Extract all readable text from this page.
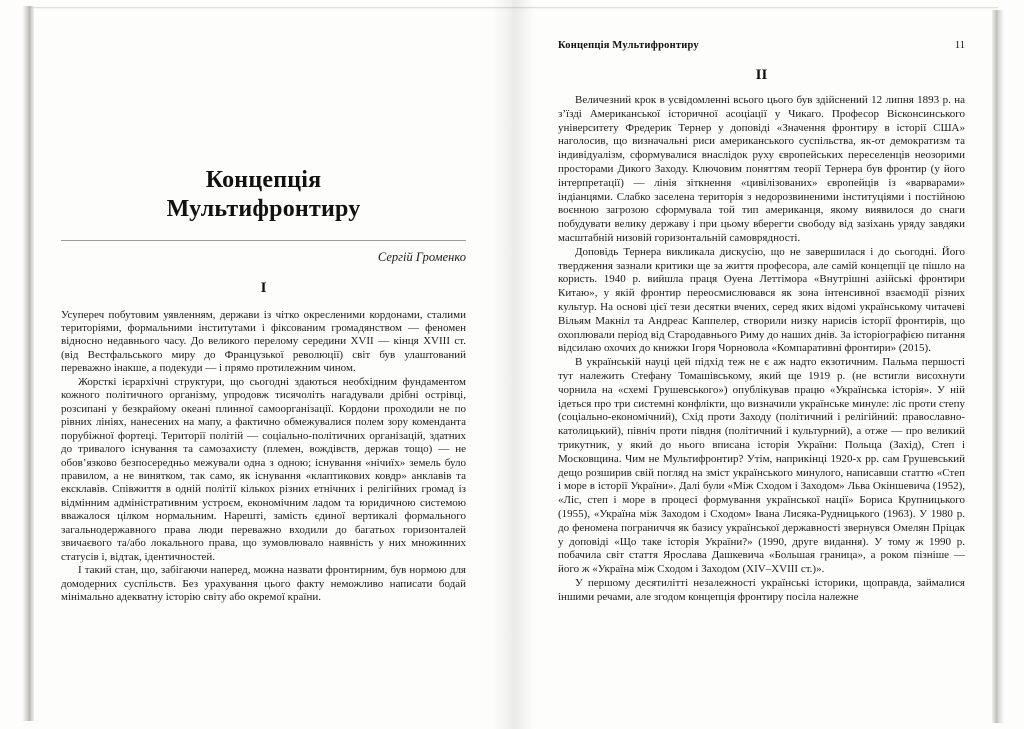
Концепція
Мультифронтиру
Сергій Громенко
I

Усупереч побутовим уявленням, держави із чітко окресленими кордонами, сталими територіями, формальними інститутами і фіксованим громадянством — феномен відносно недавнього часу. До великого перелому середини XVII — кінця XVIII ст. (від Вестфальського миру до Французької революції) світ був улаштований переважно інакше, а подекуди — і прямо протилежним чином.

Жорсткі ієрархічні структури, що сьогодні здаються необхідним фундаментом кожного політичного організму, упродовж тисячоліть нагадували дрібні острівці, розсипані у безкрайому океані плинної самоорганізації. Кордони проходили не по рівних лініях, нанесених на мапу, а фактично обмежувалися полем зору коменданта порубіжної фортеці. Території політій — соціально-політичних організацій, здатних до тривалого існування та самозахисту (племен, вождівств, держав тощо) — не обов’язково безпосередньо межували одна з одною; існування «нічиїх» земель було правилом, а не винятком, так само, як існування «клаптикових ковдр» анклавів та ексклавів. Співжиття в одній політії кількох різних етнічних і релігійних громад із відмінним адміністративним устроєм, економічним ладом та юридичною системою вважалося цілком нормальним. Нарешті, замість єдиної вертикалі формального загальнодержавного права люди переважно входили до багатьох горизонталей звичаєвого та/або локального права, що зумовлювало наявність у них множинних статусів і, відтак, ідентичностей.

І такий стан, що, забігаючи наперед, можна назвати фронтирним, був нормою для домодерних суспільств. Без урахування цього факту неможливо написати бодай мінімально адекватну історію світу або окремої країни.

Концепція Мультифронтиру	11
II

Величезний крок в усвідомленні всього цього був здійснений 12 липня 1893 р. на з’їзді Американської історичної асоціації у Чикаго. Професор Вісконсинського університету Фредерик Тернер у доповіді «Значення фронтиру в історії США» наголосив, що визначальні риси американського суспільства, як-от демократизм та індивідуалізм, сформувалися внаслідок руху європейських переселенців неозорими просторами Дикого Заходу. Ключовим поняттям теорії Тернера був фронтир (у його інтерпретації) — лінія зіткнення «цивілізованих» європейців із «варварами» індіанцями. Слабко заселена територія з недорозвиненими інституціями і постійною воєнною загрозою сформувала той тип американця, якому виявилося до снаги побудувати велику державу і при цьому вберегти свободу від зазіхань уряду завдяки масштабній низовій горизонтальній самоврядності.

Доповідь Тернера викликала дискусію, що не завершилася і до сьогодні. Його твердження зазнали критики ще за життя професора, але самій концепції це пішло на користь. 1940 р. вийшла праця Оуена Леттімора «Внутрішні азійські фронтири Китаю», у якій фронтир переосмислювався як зона інтенсивної взаємодії різних культур. На основі цієї тези десятки вчених, серед яких відомі українському читачеві Вільям Макніл та Андреас Каппелер, створили низку нарисів історії фронтирів, що охоплювали період від Стародавнього Риму до наших днів. За історіографією питання відсилаю охочих до книжки Ігоря Чорновола «Компаративні фронтири» (2015).

В українській науці цей підхід теж не є аж надто екзотичним. Пальма першості тут належить Стефану Томашівському, який ще 1919 р. (не встигли висохнути чорнила на «схемі Грушевського») опублікував працю «Українська історія». У ній ідеться про три системні конфлікти, що визначили українське минуле: ліс проти степу (соціально-економічний), Схід проти Заходу (політичний і релігійний: православно-католицький), північ проти півдня (політичний і культурний), а отже — про великий трикутник, у який до нього вписана історія України: Польща (Захід), Степ і Московщина. Чим не Мультифронтир? Утім, наприкінці 1920-х рр. сам Грушевський дещо розширив свій погляд на зміст українського минулого, написавши статтю «Степ і море в історії України». Далі були «Між Сходом і Заходом» Льва Окіншевича (1952), «Ліс, степ і море в процесі формування української нації» Бориса Крупницького (1955), «Україна між Заходом і Сходом» Івана Лисяка-Рудницького (1963). У 1980 р. до феномена пограниччя як базису української державності звернувся Омелян Пріцак у доповіді «Що таке історія України?» (1990, друге видання). У тому ж 1990 р. побачила світ стаття Ярослава Дашкевича «Большая граница», а роком пізніше — його ж «Україна між Сходом і Заходом (XIV–XVIII ст.)».

У першому десятилітті незалежності українські історики, щоправда, займалися іншими речами, але згодом концепція фронтиру посіла належне
